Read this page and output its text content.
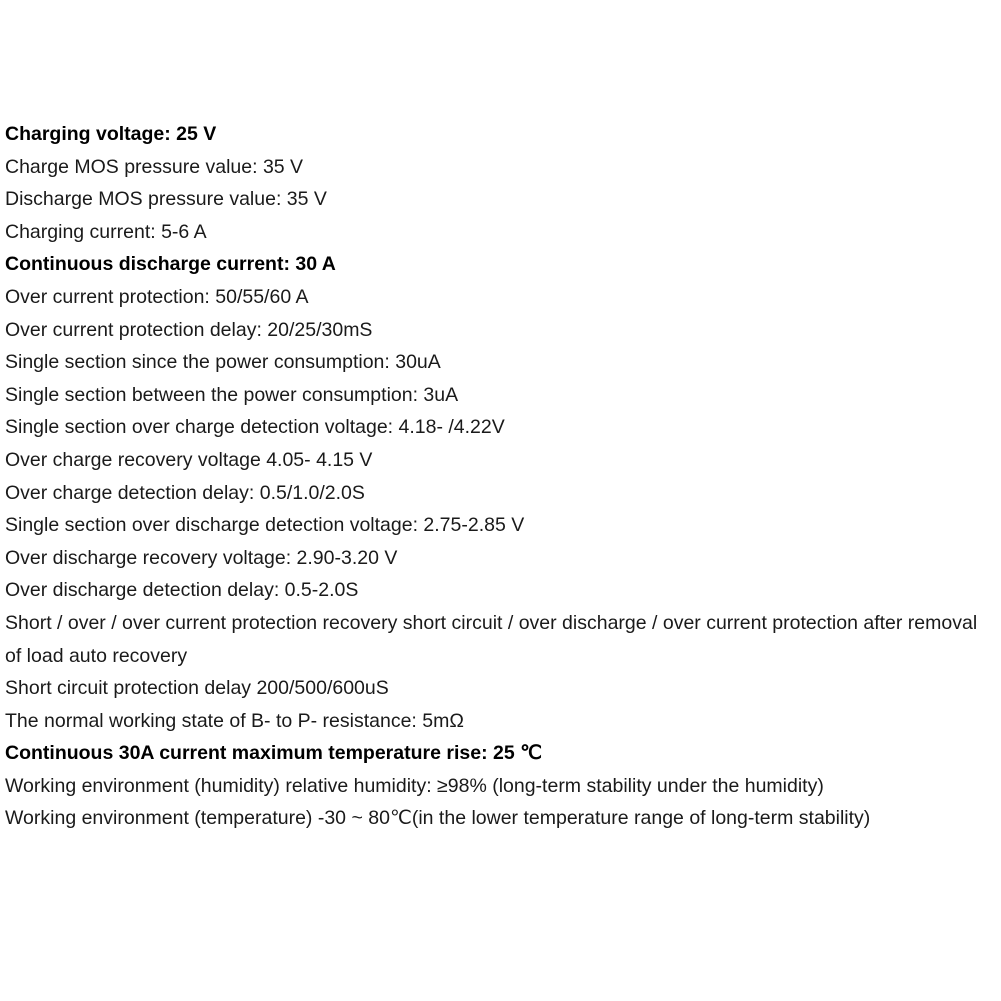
Charging voltage: 25 V
Charge MOS pressure value: 35 V
Discharge MOS pressure value: 35 V
Charging current: 5-6 A
Continuous discharge current: 30 A
Over current protection: 50/55/60 A
Over current protection delay: 20/25/30mS
Single section since the power consumption: 30uA
Single section between the power consumption: 3uA
Single section over charge detection voltage: 4.18- /4.22V
Over charge recovery voltage 4.05- 4.15 V
Over charge detection delay: 0.5/1.0/2.0S
Single section over discharge detection voltage: 2.75-2.85 V
Over discharge recovery voltage: 2.90-3.20 V
Over discharge detection delay: 0.5-2.0S
Short / over / over current protection recovery short circuit / over discharge / over current protection after removal of load auto recovery
Short circuit protection delay 200/500/600uS
The normal working state of B- to P- resistance: 5mΩ
Continuous 30A current maximum temperature rise: 25 ℃
Working environment (humidity) relative humidity: ≥98% (long-term stability under the humidity)
Working environment (temperature) -30 ~ 80℃(in the lower temperature range of long-term stability)
